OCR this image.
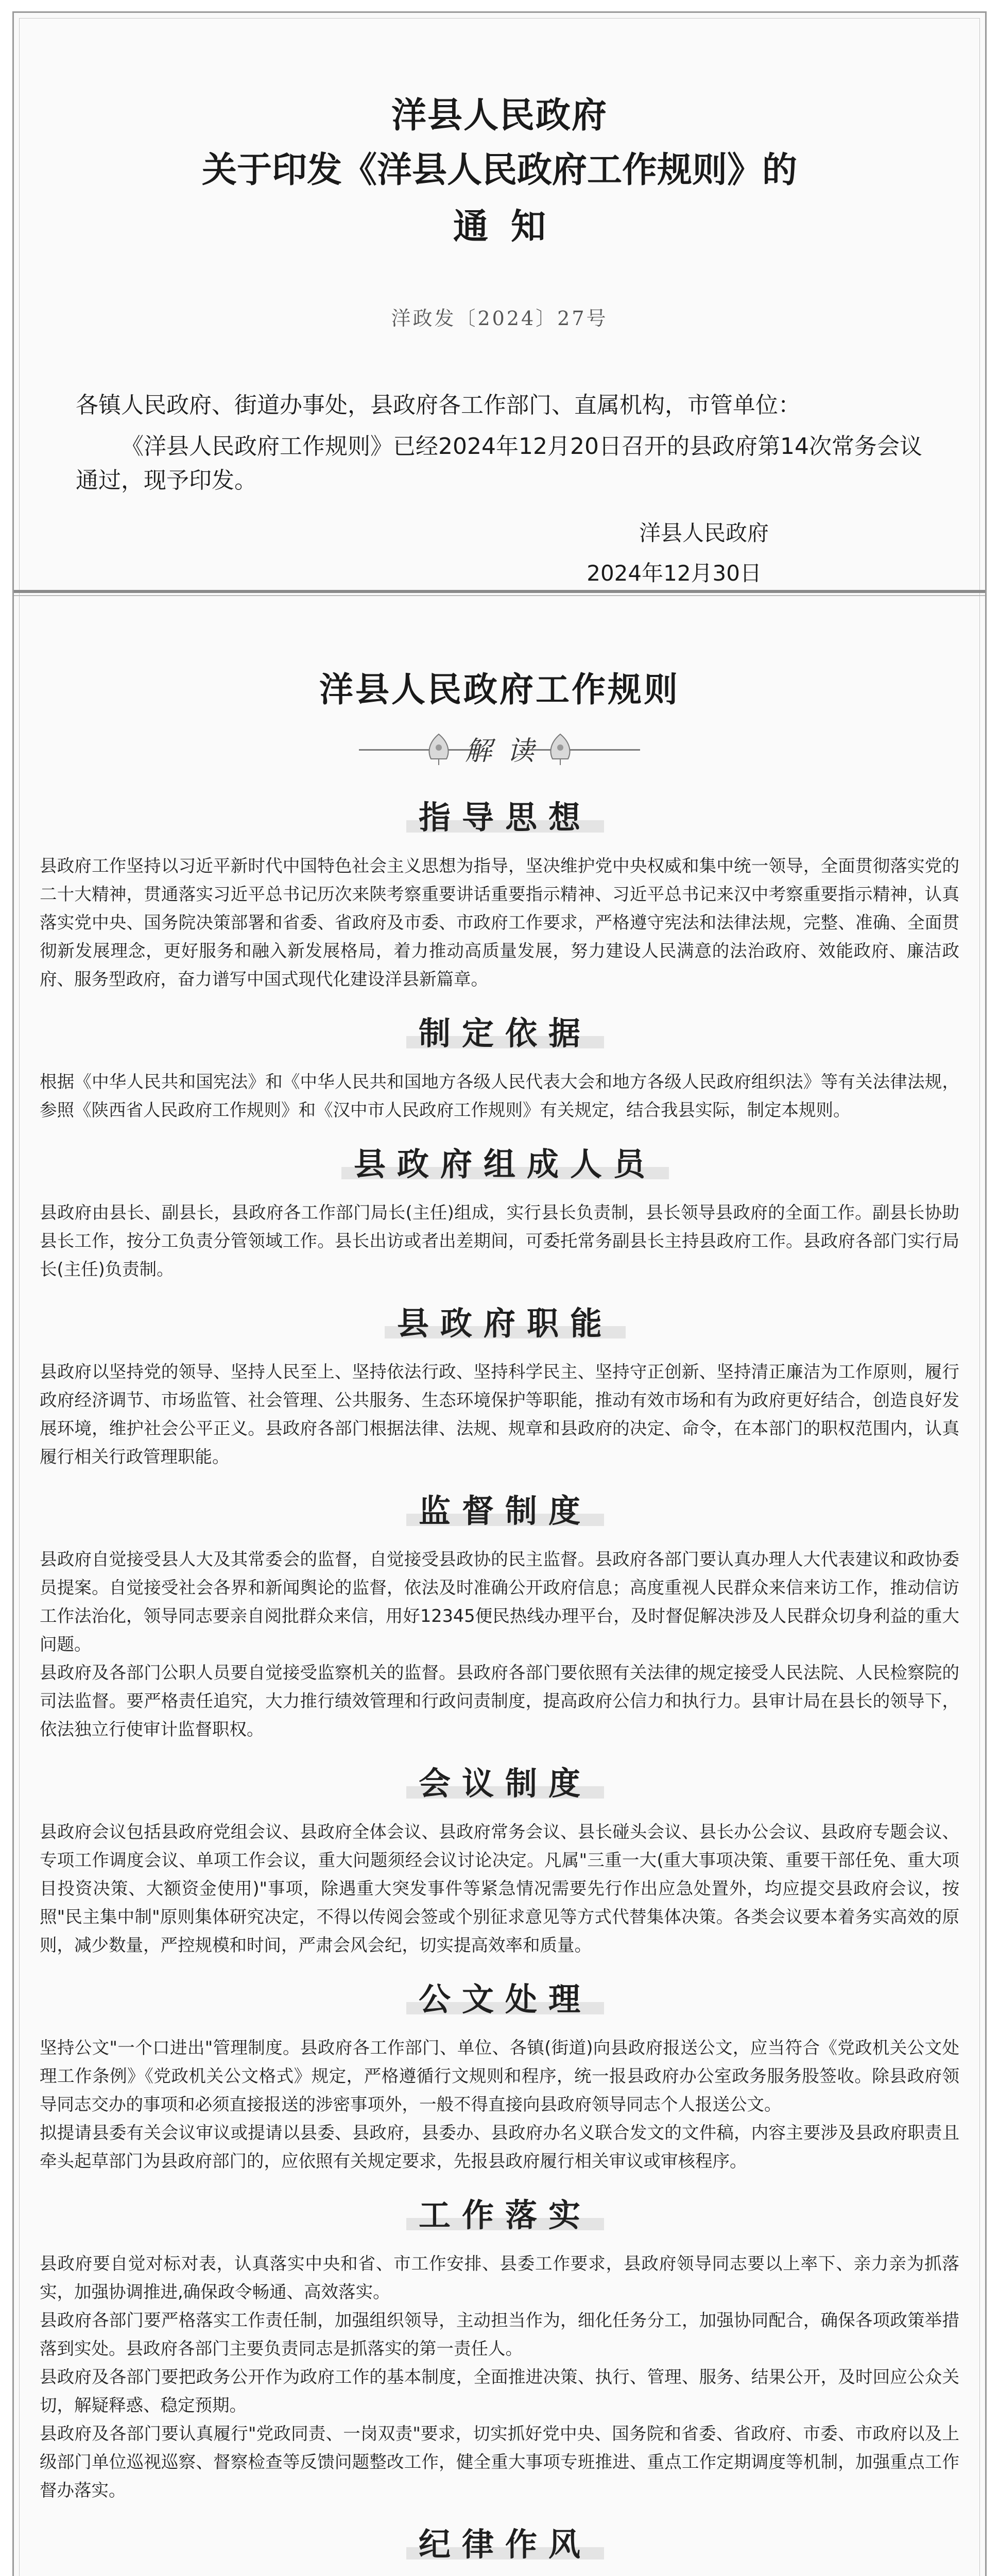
洋县人民政府
关于印发《洋县人民政府工作规则》的
通知
洋政发〔2024〕27号
各镇人民政府、街道办事处，县政府各工作部门、直属机构，市管单位：
《洋县人民政府工作规则》已经2024年12月20日召开的县政府第14次常务会议通过，现予印发。
洋县人民政府
2024年12月30日
洋县人民政府工作规则
解读
指导思想

县政府工作坚持以习近平新时代中国特色社会主义思想为指导，坚决维护党中央权威和集中统一领导，全面贯彻落实党的二十大精神，贯通落实习近平总书记历次来陕考察重要讲话重要指示精神、习近平总书记来汉中考察重要指示精神，认真落实党中央、国务院决策部署和省委、省政府及市委、市政府工作要求，严格遵守宪法和法律法规，完整、准确、全面贯彻新发展理念，更好服务和融入新发展格局，着力推动高质量发展，努力建设人民满意的法治政府、效能政府、廉洁政府、服务型政府，奋力谱写中国式现代化建设洋县新篇章。

制定依据

根据《中华人民共和国宪法》和《中华人民共和国地方各级人民代表大会和地方各级人民政府组织法》等有关法律法规，参照《陕西省人民政府工作规则》和《汉中市人民政府工作规则》有关规定，结合我县实际，制定本规则。

县政府组成人员

县政府由县长、副县长，县政府各工作部门局长(主任)组成，实行县长负责制，县长领导县政府的全面工作。副县长协助县长工作，按分工负责分管领域工作。县长出访或者出差期间，可委托常务副县长主持县政府工作。县政府各部门实行局长(主任)负责制。

县政府职能

县政府以坚持党的领导、坚持人民至上、坚持依法行政、坚持科学民主、坚持守正创新、坚持清正廉洁为工作原则，履行政府经济调节、市场监管、社会管理、公共服务、生态环境保护等职能，推动有效市场和有为政府更好结合，创造良好发展环境，维护社会公平正义。县政府各部门根据法律、法规、规章和县政府的决定、命令，在本部门的职权范围内，认真履行相关行政管理职能。

监督制度

县政府自觉接受县人大及其常委会的监督，自觉接受县政协的民主监督。县政府各部门要认真办理人大代表建议和政协委员提案。自觉接受社会各界和新闻舆论的监督，依法及时准确公开政府信息；高度重视人民群众来信来访工作，推动信访工作法治化，领导同志要亲自阅批群众来信，用好12345便民热线办理平台，及时督促解决涉及人民群众切身利益的重大问题。

县政府及各部门公职人员要自觉接受监察机关的监督。县政府各部门要依照有关法律的规定接受人民法院、人民检察院的司法监督。要严格责任追究，大力推行绩效管理和行政问责制度，提高政府公信力和执行力。县审计局在县长的领导下，依法独立行使审计监督职权。

会议制度

县政府会议包括县政府党组会议、县政府全体会议、县政府常务会议、县长碰头会议、县长办公会议、县政府专题会议、专项工作调度会议、单项工作会议，重大问题须经会议讨论决定。凡属"三重一大(重大事项决策、重要干部任免、重大项目投资决策、大额资金使用)"事项，除遇重大突发事件等紧急情况需要先行作出应急处置外，均应提交县政府会议，按照"民主集中制"原则集体研究决定，不得以传阅会签或个别征求意见等方式代替集体决策。各类会议要本着务实高效的原则，减少数量，严控规模和时间，严肃会风会纪，切实提高效率和质量。

公文处理

坚持公文"一个口进出"管理制度。县政府各工作部门、单位、各镇(街道)向县政府报送公文，应当符合《党政机关公文处理工作条例》《党政机关公文格式》规定，严格遵循行文规则和程序，统一报县政府办公室政务服务股签收。除县政府领导同志交办的事项和必须直接报送的涉密事项外，一般不得直接向县政府领导同志个人报送公文。

拟提请县委有关会议审议或提请以县委、县政府，县委办、县政府办名义联合发文的文件稿，内容主要涉及县政府职责且牵头起草部门为县政府部门的，应依照有关规定要求，先报县政府履行相关审议或审核程序。

工作落实

县政府要自觉对标对表，认真落实中央和省、市工作安排、县委工作要求，县政府领导同志要以上率下、亲力亲为抓落实，加强协调推进,确保政令畅通、高效落实。

县政府各部门要严格落实工作责任制，加强组织领导，主动担当作为，细化任务分工，加强协同配合，确保各项政策举措落到实处。县政府各部门主要负责同志是抓落实的第一责任人。

县政府及各部门要把政务公开作为政府工作的基本制度，全面推进决策、执行、管理、服务、结果公开，及时回应公众关切，解疑释惑、稳定预期。

县政府及各部门要认真履行"党政同责、一岗双责"要求，切实抓好党中央、国务院和省委、省政府、市委、市政府以及上级部门单位巡视巡察、督察检查等反馈问题整改工作，健全重大事项专班推进、重点工作定期调度等机制，加强重点工作督办落实。

纪律作风
